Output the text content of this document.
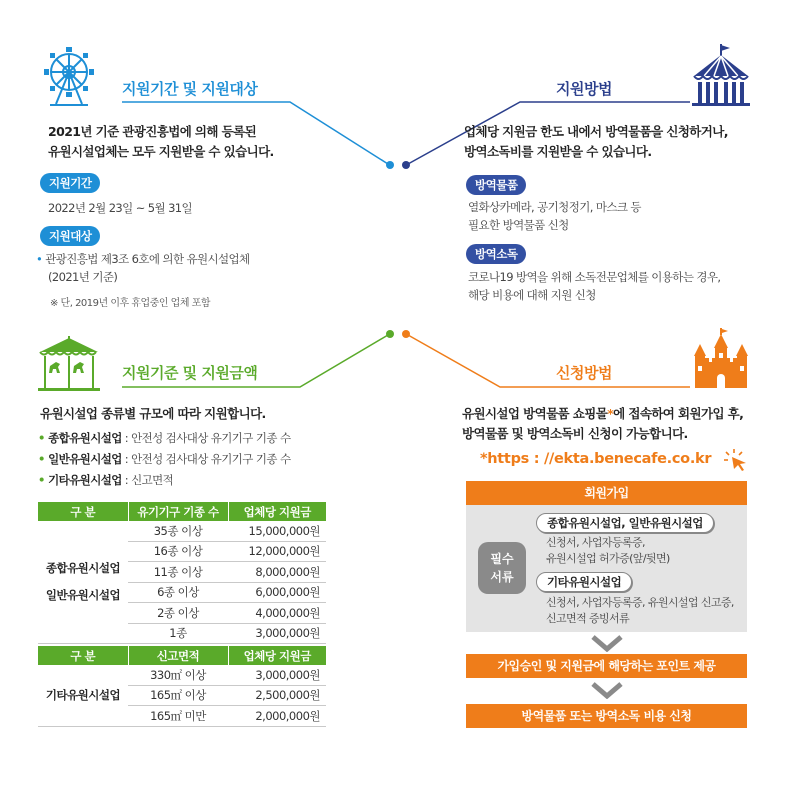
지원기간 및 지원대상
2021년 기준 관광진흥법에 의해 등록된
유원시설업체는 모두 지원받을 수 있습니다.
지원기간
2022년 2월 23일 ~ 5월 31일
지원대상
• 관광진흥법 제3조 6호에 의한 유원시설업체
(2021년 기준)
※ 단, 2019년 이후 휴업중인 업체 포함
지원방법
업체당 지원금 한도 내에서 방역물품을 신청하거나,
방역소독비를 지원받을 수 있습니다.
방역물품
열화상카메라, 공기청정기, 마스크 등
필요한 방역물품 신청
방역소독
코로나19 방역을 위해 소독전문업체를 이용하는 경우,
해당 비용에 대해 지원 신청
지원기준 및 지원금액
유원시설업 종류별 규모에 따라 지원합니다.
• 종합유원시설업 : 안전성 검사대상 유기기구 기종 수
• 일반유원시설업 : 안전성 검사대상 유기기구 기종 수
• 기타유원시설업 : 신고면적
구 분	유기기구 기종 수	업체당 지원금

종합유원시설업
일반유원시설업	35종 이상	15,000,000원
	16종 이상	12,000,000원
	11종 이상	8,000,000원
	6종 이상	6,000,000원
	2종 이상	4,000,000원
	1종	3,000,000원
구 분	신고면적	업체당 지원금
기타유원시설업	330㎡ 이상	3,000,000원
	165㎡ 이상	2,500,000원
	165㎡ 미만	2,000,000원
신청방법
유원시설업 방역물품 쇼핑몰*에 접속하여 회원가입 후,
방역물품 및 방역소독비 신청이 가능합니다.
*https : //ekta.benecafe.co.kr
회원가입
필수
서류
종합유원시설업, 일반유원시설업
신청서, 사업자등록증,
유원시설업 허가증(앞/뒷면)
기타유원시설업
신청서, 사업자등록증, 유원시설업 신고증,
신고면적 증빙서류
가입승인 및 지원금에 해당하는 포인트 제공
방역물품 또는 방역소독 비용 신청
